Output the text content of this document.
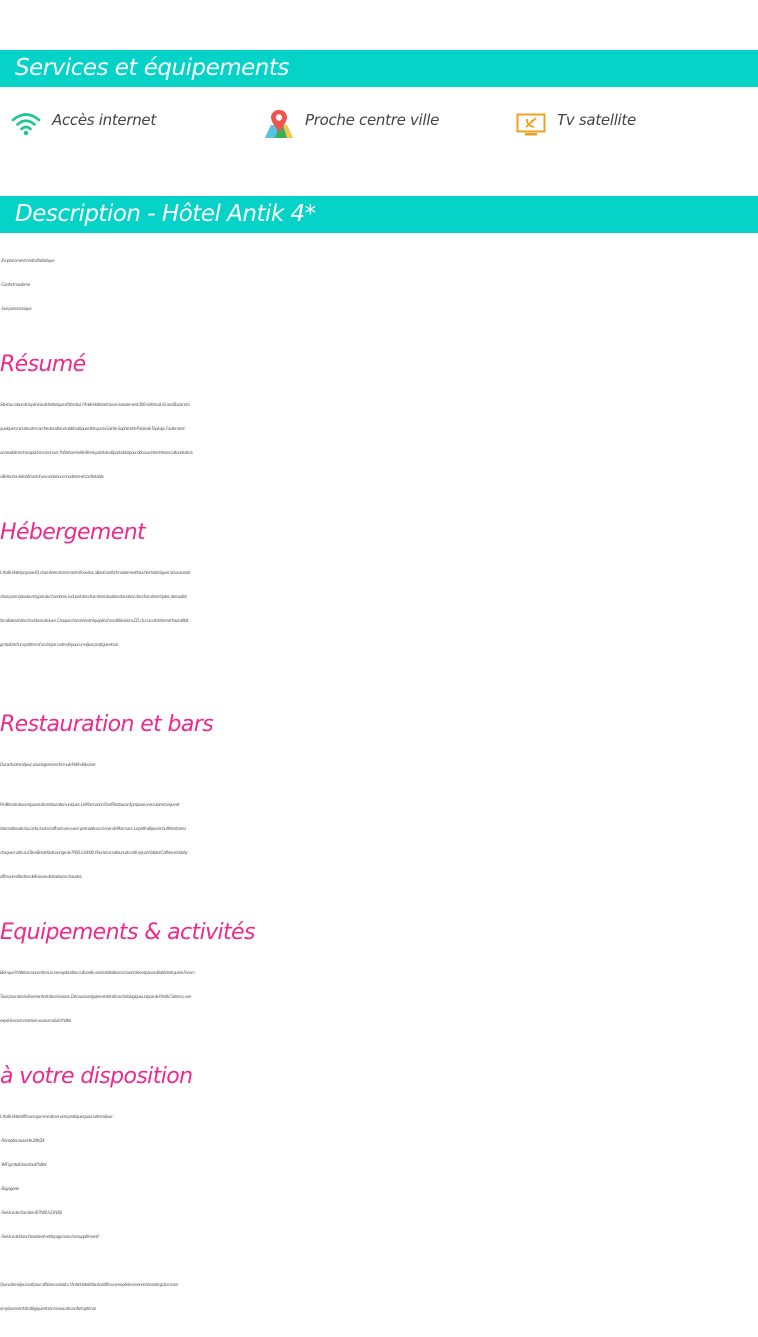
Services et équipements
Accès internet	Proche centre ville	Tv satellite
Description - Hôtel Antik 4*
- Emplacement central historique
- Confort moderne
- Vue panoramique
Résumé
Situé au cœur de la péninsule historique d'Istanbul, l'Antik Hotel se trouve à seulement 300 mètres du Grand Bazar et à
quelques minutes de marche des sites emblématiques tels que la Sainte-Sophie et le Palais de Topkapı. Facilement
accessible en transport en commun, l'hôtel se révèle être le point de départ idéal pour découvrir les trésors culturels de la
ville tout en bénéficiant d'une ambiance moderne et confortable.
Hébergement
L'Antik Hotel propose 91 chambres récemment rénovées, alliant confort moderne et touches historiques. Vous avez le
choix parmi plusieurs types de chambres, incluant des chambres doubles standard, des chambres triples, des suites
familiales et des chambres de luxe. Chaque chambre est équipée d'une télévision LCD, d'un accès Internet haut débit
gratuit et d'un système d'accès par carte clé pour un séjour pratique et sûr.
Restauration et bars
Durant votre séjour, vous logerez en formule Petit-déjeuner.
Profitez de deux espaces de restauration uniques. Le Marmarion Roof Restaurant propose une cuisine turque et
internationale à la carte, tout en offrant une vue imprenable sur la mer de Marmara. Le petit-déjeuner buffet est servi
chaque matin au Olive Breakfast Lounge de 7h00 à 10h00. Pour les amateurs de café, le Juan Valdez Coffees en lobby
offre une sélection délicieuse de boissons chaudes.
Equipements & activités
Bien que l'hôtel se concentre sur une exploration culturelle, ses installations incluent des espaces dédiés tels que le Forum
Tauri pour des événements et des réunions. Découvrez également le site archéologique unique de l'Antik Cisterna, une
expérience immersive au sous-sol de l'hôtel.
à votre disposition
L'Antik Hotel offre une gamme de services pratiques pour votre séjour :
- Réception ouverte 24h/24
- WiFi gratuit dans tout l'hôtel
- Bagagerie
- Service de chambre (07h00 à 23h00)
- Service de blanchisserie et nettoyage à sec (en supplément)
Que votre séjour soit pour affaires ou loisirs, l'Antik Hotel Istanbul offre une expérience enrichissante grâce à son
emplacement stratégique et son niveau de confort optimal.
